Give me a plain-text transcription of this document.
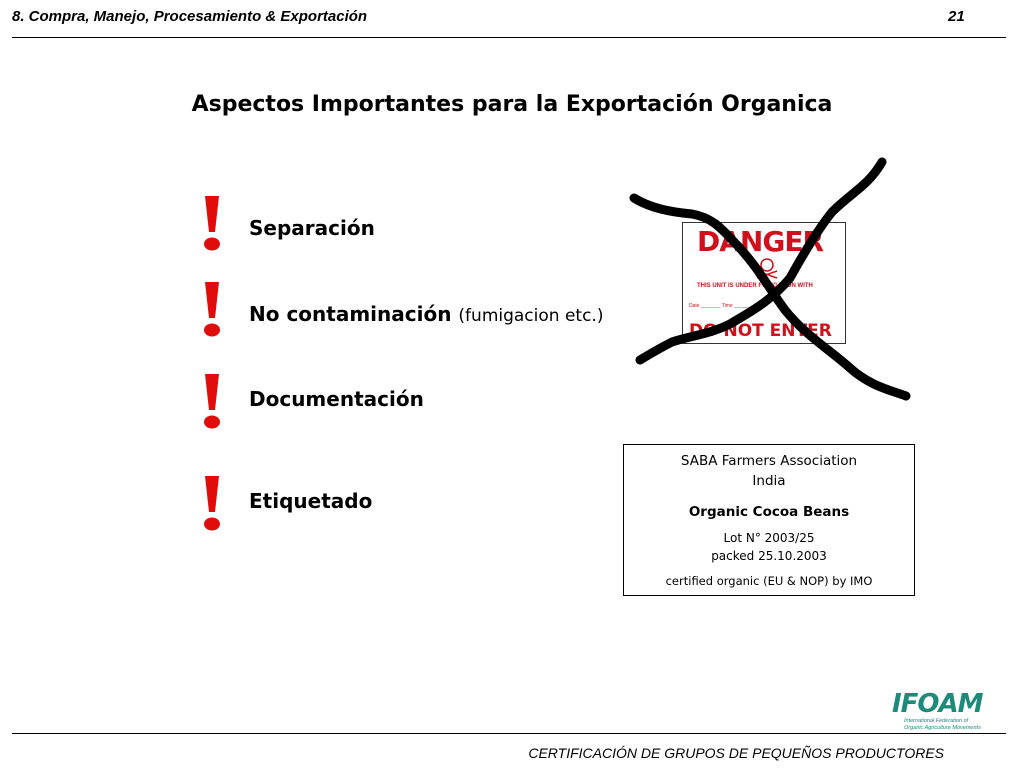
8. Compra, Manejo, Procesamiento & Exportación	21
Aspectos Importantes para la Exportación Organica
Separación
No contaminación (fumigacion etc.)
Documentación
Etiquetado
DANGER
THIS UNIT IS UNDER FUMIGATION WITH
Date _______ Time _______
DO NOT ENTER
SABA Farmers Association
India
Organic Cocoa Beans
Lot N° 2003/25
packed 25.10.2003
certified organic (EU & NOP) by IMO
IFOAM
International Federation of
Organic Agriculture Movements
CERTIFICACIÓN DE GRUPOS DE PEQUEÑOS PRODUCTORES
